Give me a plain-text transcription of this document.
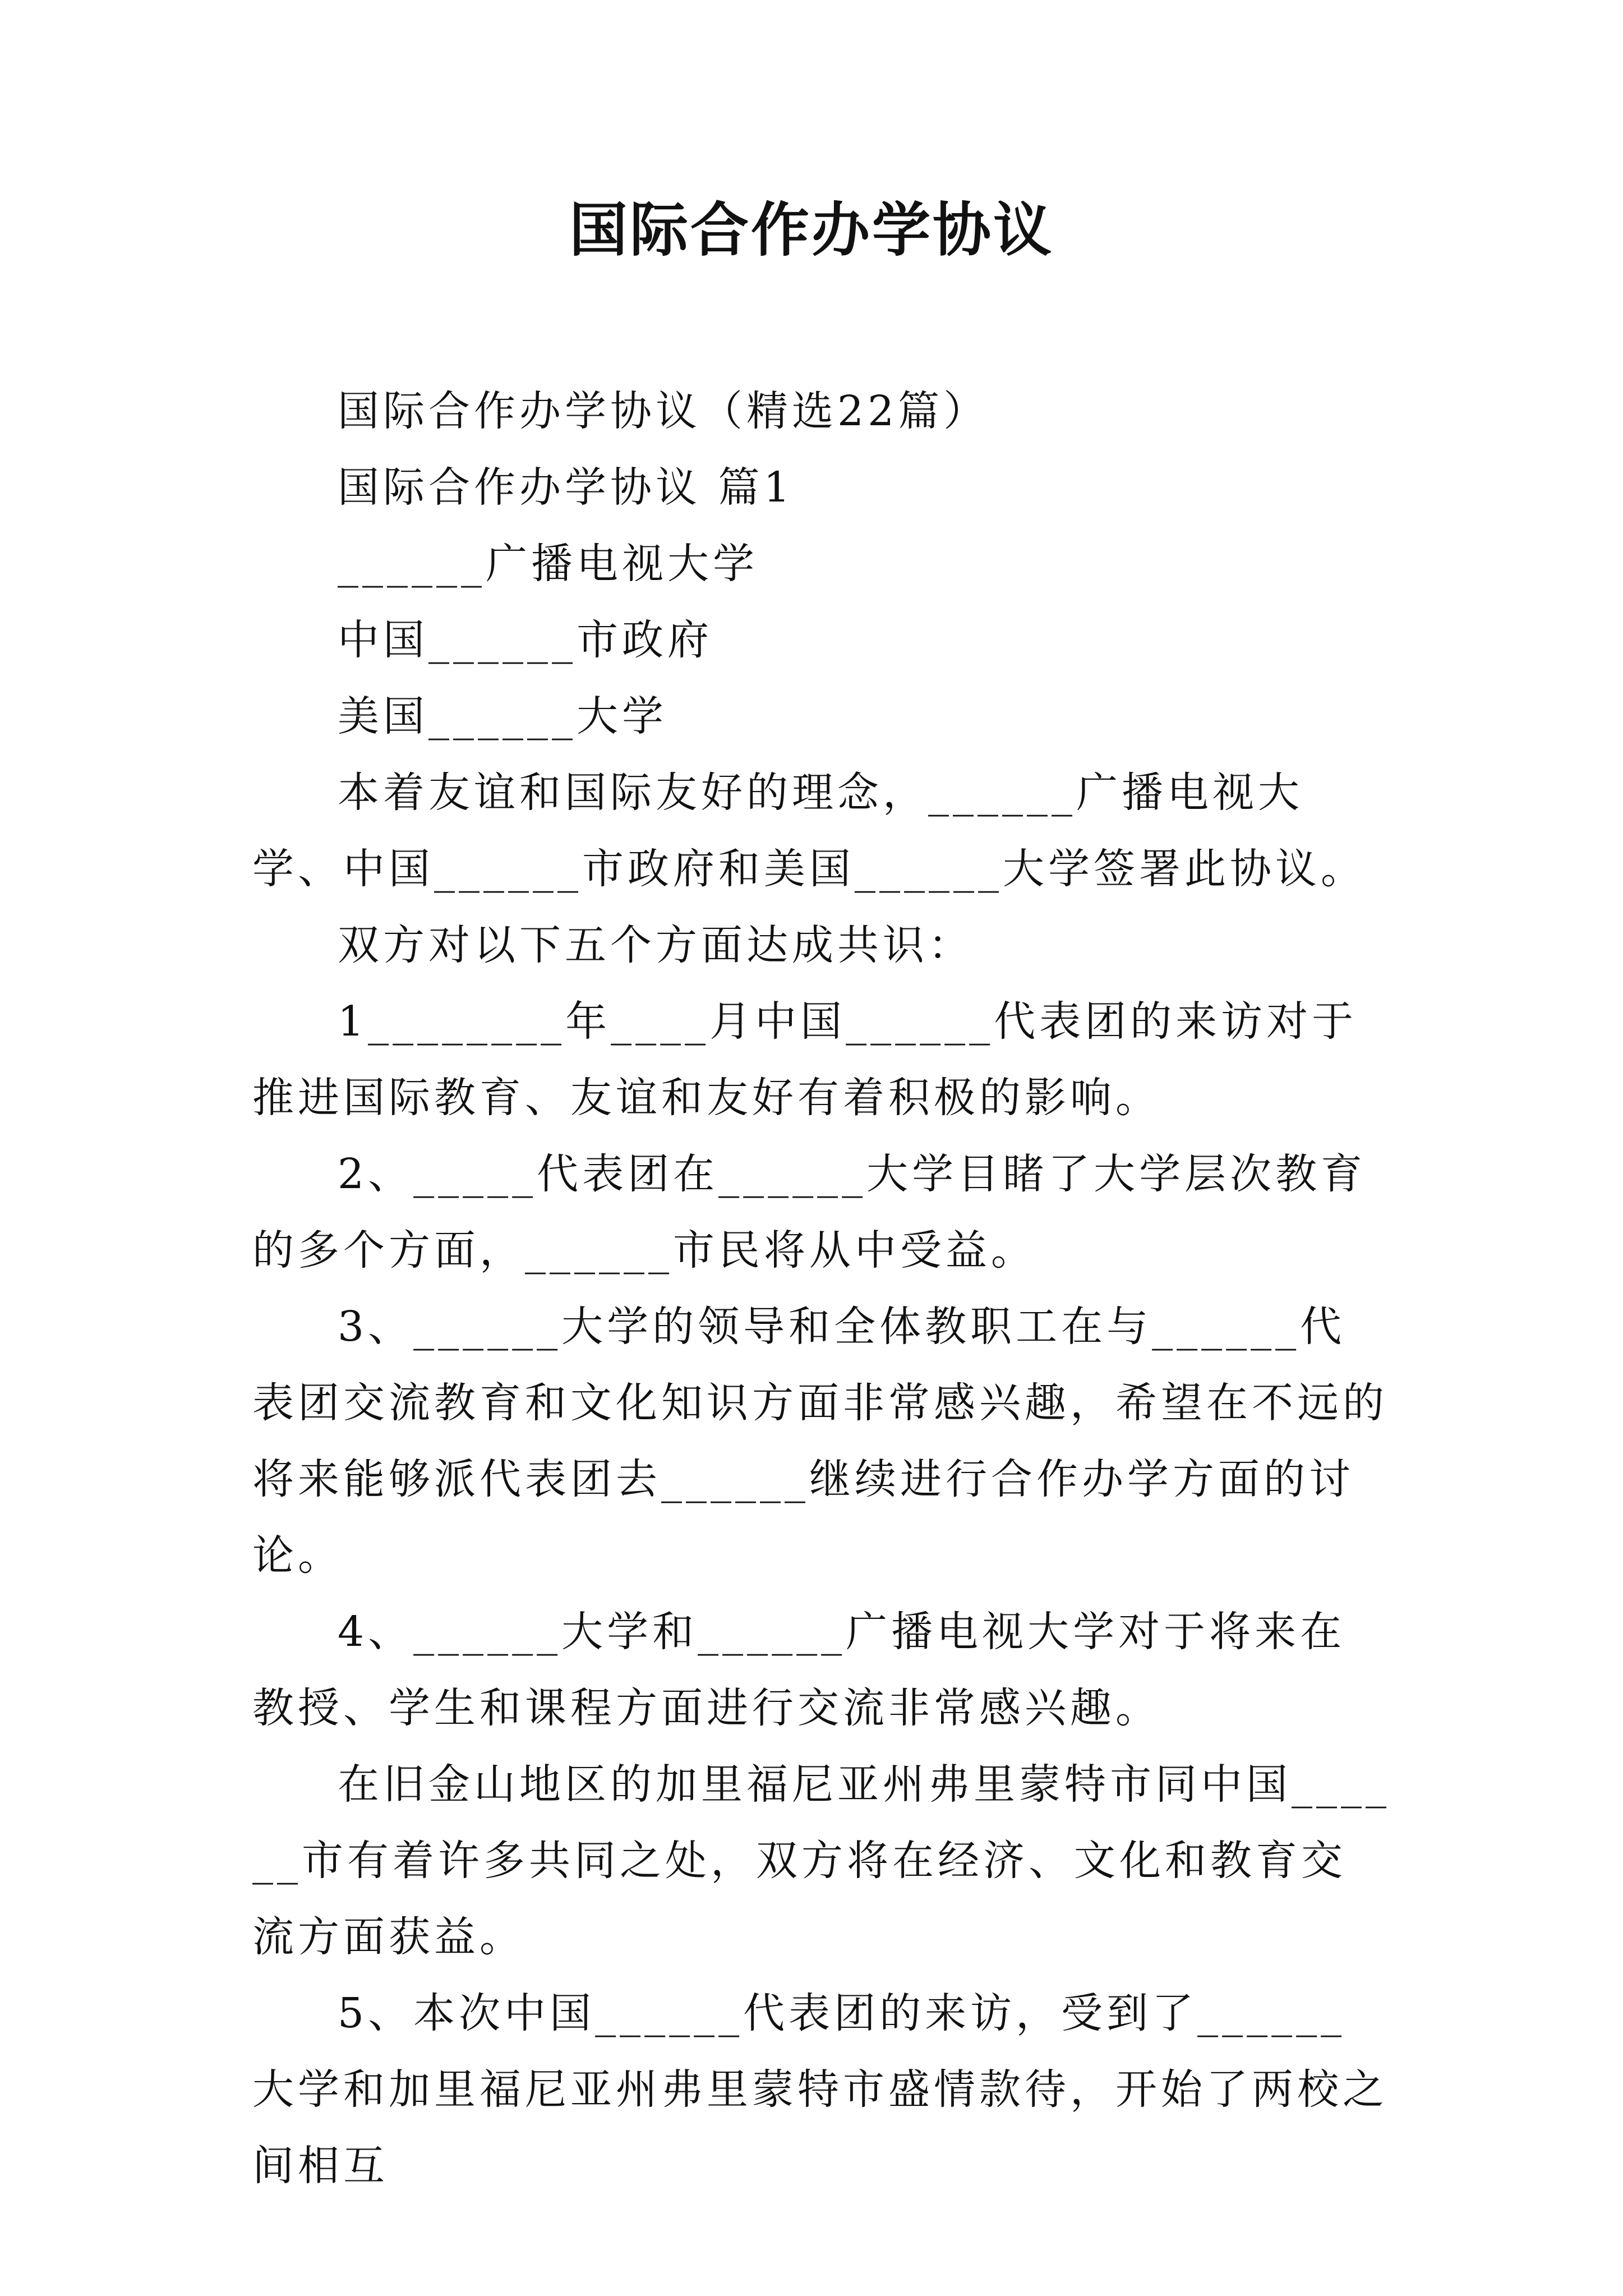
国际合作办学协议

国际合作办学协议（精选22篇）

国际合作办学协议 篇1

______广播电视大学

中国______市政府

美国______大学

本着友谊和国际友好的理念，______广播电视大学、中国______市政府和美国______大学签署此协议。

双方对以下五个方面达成共识：

1________年____月中国______代表团的来访对于推进国际教育、友谊和友好有着积极的影响。

2、_____代表团在______大学目睹了大学层次教育的多个方面，______市民将从中受益。

3、______大学的领导和全体教职工在与______代表团交流教育和文化知识方面非常感兴趣，希望在不远的将来能够派代表团去______继续进行合作办学方面的讨论。

4、______大学和______广播电视大学对于将来在教授、学生和课程方面进行交流非常感兴趣。

在旧金山地区的加里福尼亚州弗里蒙特市同中国______市有着许多共同之处，双方将在经济、文化和教育交流方面获益。

5、本次中国______代表团的来访，受到了______大学和加里福尼亚州弗里蒙特市盛情款待，开始了两校之间相互
